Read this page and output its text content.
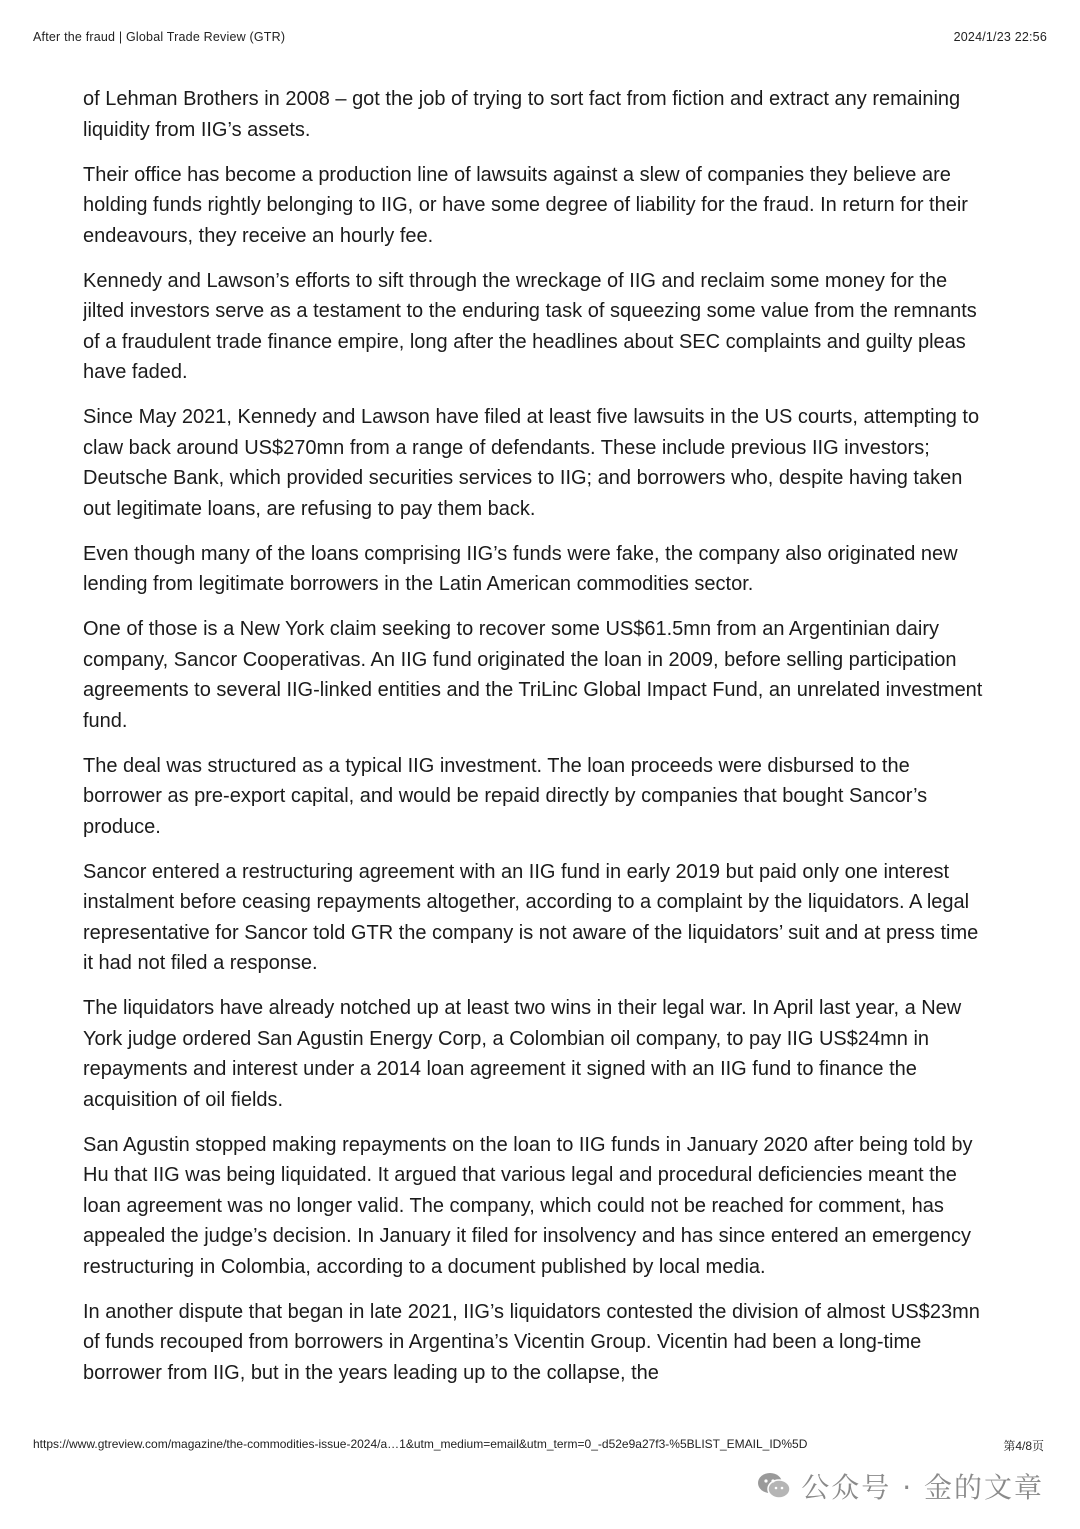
After the fraud | Global Trade Review (GTR)	2024/1/23 22:56

of Lehman Brothers in 2008 – got the job of trying to sort fact from fiction and extract any remaining liquidity from IIG’s assets.

Their office has become a production line of lawsuits against a slew of companies they believe are holding funds rightly belonging to IIG, or have some degree of liability for the fraud. In return for their endeavours, they receive an hourly fee.

Kennedy and Lawson’s efforts to sift through the wreckage of IIG and reclaim some money for the jilted investors serve as a testament to the enduring task of squeezing some value from the remnants of a fraudulent trade finance empire, long after the headlines about SEC complaints and guilty pleas have faded.

Since May 2021, Kennedy and Lawson have filed at least five lawsuits in the US courts, attempting to claw back around US$270mn from a range of defendants. These include previous IIG investors; Deutsche Bank, which provided securities services to IIG; and borrowers who, despite having taken out legitimate loans, are refusing to pay them back.

Even though many of the loans comprising IIG’s funds were fake, the company also originated new lending from legitimate borrowers in the Latin American commodities sector.

One of those is a New York claim seeking to recover some US$61.5mn from an Argentinian dairy company, Sancor Cooperativas. An IIG fund originated the loan in 2009, before selling participation agreements to several IIG-linked entities and the TriLinc Global Impact Fund, an unrelated investment fund.

The deal was structured as a typical IIG investment. The loan proceeds were disbursed to the borrower as pre-export capital, and would be repaid directly by companies that bought Sancor’s produce.

Sancor entered a restructuring agreement with an IIG fund in early 2019 but paid only one interest instalment before ceasing repayments altogether, according to a complaint by the liquidators. A legal representative for Sancor told GTR the company is not aware of the liquidators’ suit and at press time it had not filed a response.

The liquidators have already notched up at least two wins in their legal war. In April last year, a New York judge ordered San Agustin Energy Corp, a Colombian oil company, to pay IIG US$24mn in repayments and interest under a 2014 loan agreement it signed with an IIG fund to finance the acquisition of oil fields.

San Agustin stopped making repayments on the loan to IIG funds in January 2020 after being told by Hu that IIG was being liquidated. It argued that various legal and procedural deficiencies meant the loan agreement was no longer valid. The company, which could not be reached for comment, has appealed the judge’s decision. In January it filed for insolvency and has since entered an emergency restructuring in Colombia, according to a document published by local media.

In another dispute that began in late 2021, IIG’s liquidators contested the division of almost US$23mn of funds recouped from borrowers in Argentina’s Vicentin Group. Vicentin had been a long-time borrower from IIG, but in the years leading up to the collapse, the

https://www.gtreview.com/magazine/the-commodities-issue-2024/a…1&utm_medium=email&utm_term=0_-d52e9a27f3-%5BLIST_EMAIL_ID%5D	第4/8页
公众号 · 金的文章
